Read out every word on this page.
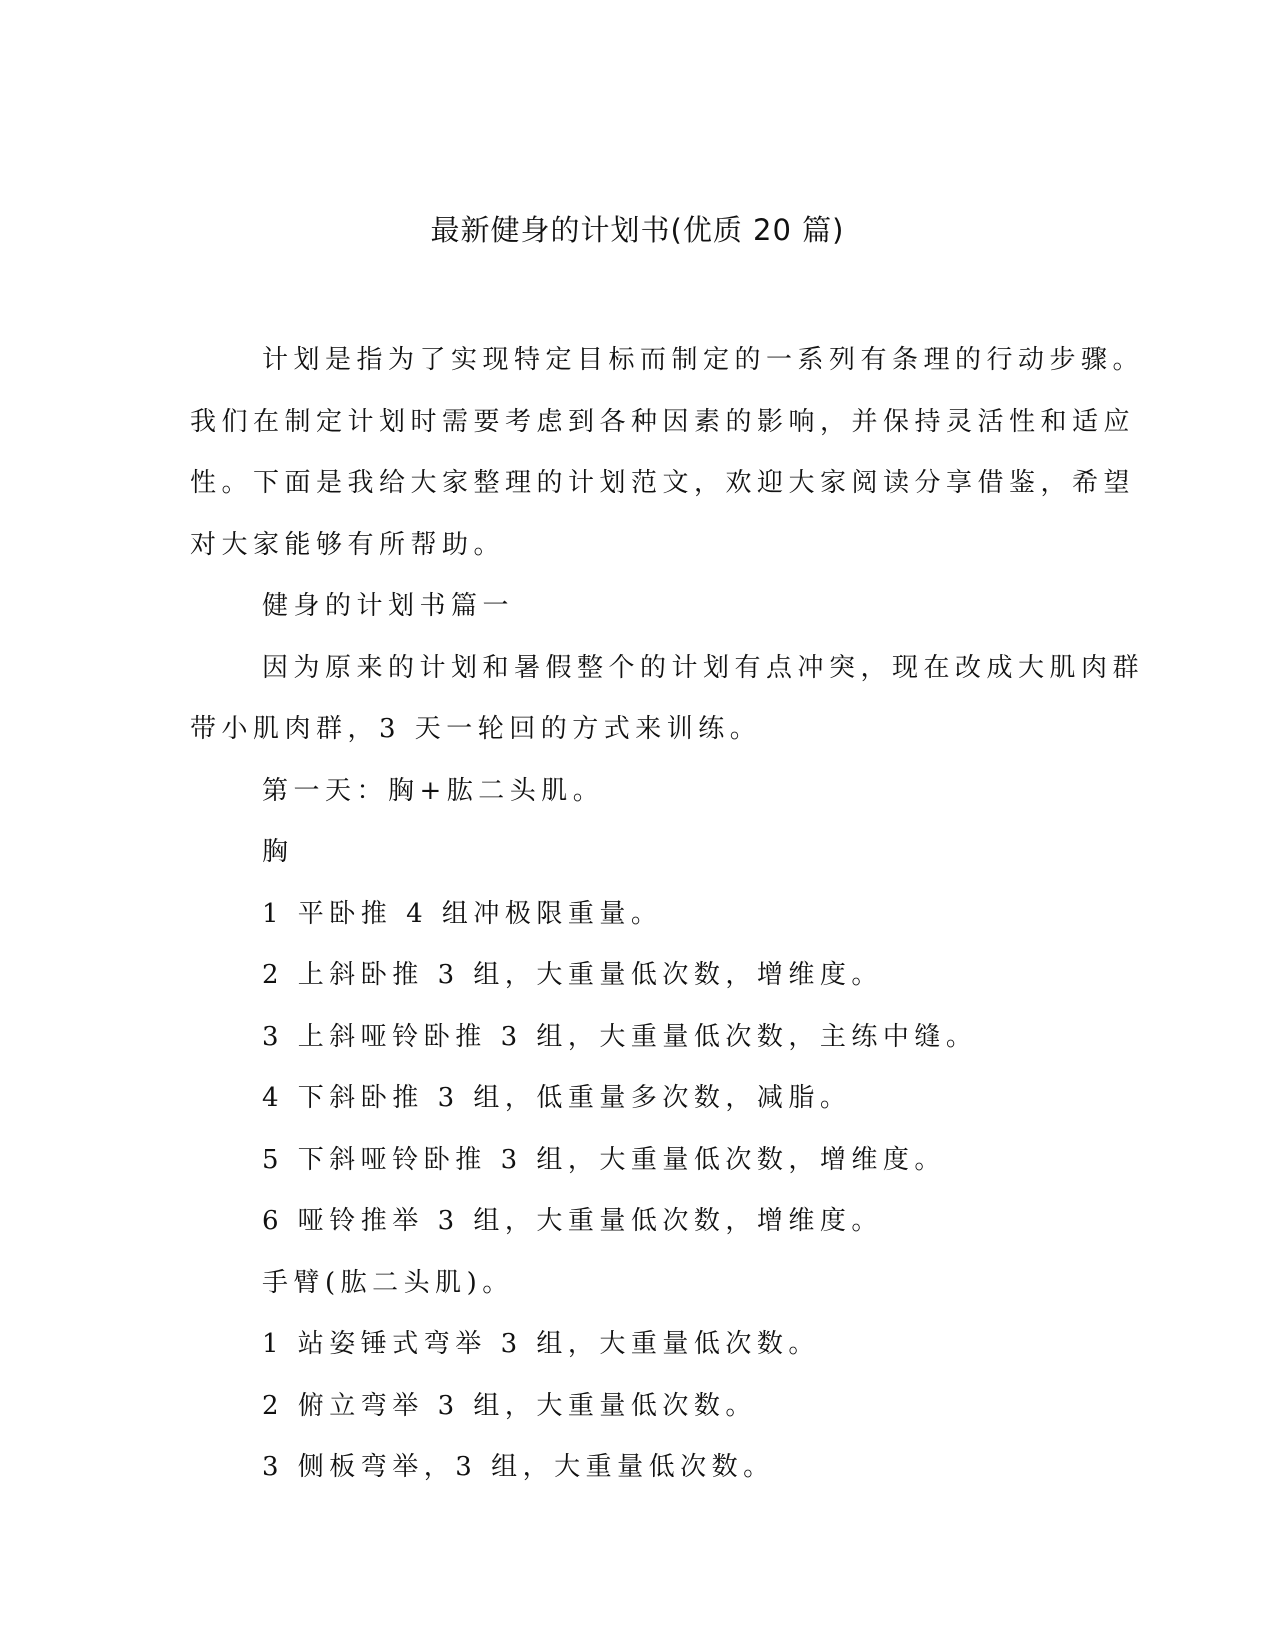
最新健身的计划书(优质 20 篇)
计划是指为了实现特定目标而制定的一系列有条理的行动步骤。
我们在制定计划时需要考虑到各种因素的影响，并保持灵活性和适应
性。下面是我给大家整理的计划范文，欢迎大家阅读分享借鉴，希望
对大家能够有所帮助。
健身的计划书篇一
因为原来的计划和暑假整个的计划有点冲突，现在改成大肌肉群
带小肌肉群，3 天一轮回的方式来训练。
第一天：胸+肱二头肌。
胸
1 平卧推 4 组冲极限重量。
2 上斜卧推 3 组，大重量低次数，增维度。
3 上斜哑铃卧推 3 组，大重量低次数，主练中缝。
4 下斜卧推 3 组，低重量多次数，减脂。
5 下斜哑铃卧推 3 组，大重量低次数，增维度。
6 哑铃推举 3 组，大重量低次数，增维度。
手臂(肱二头肌)。
1 站姿锤式弯举 3 组，大重量低次数。
2 俯立弯举 3 组，大重量低次数。
3 侧板弯举，3 组，大重量低次数。
